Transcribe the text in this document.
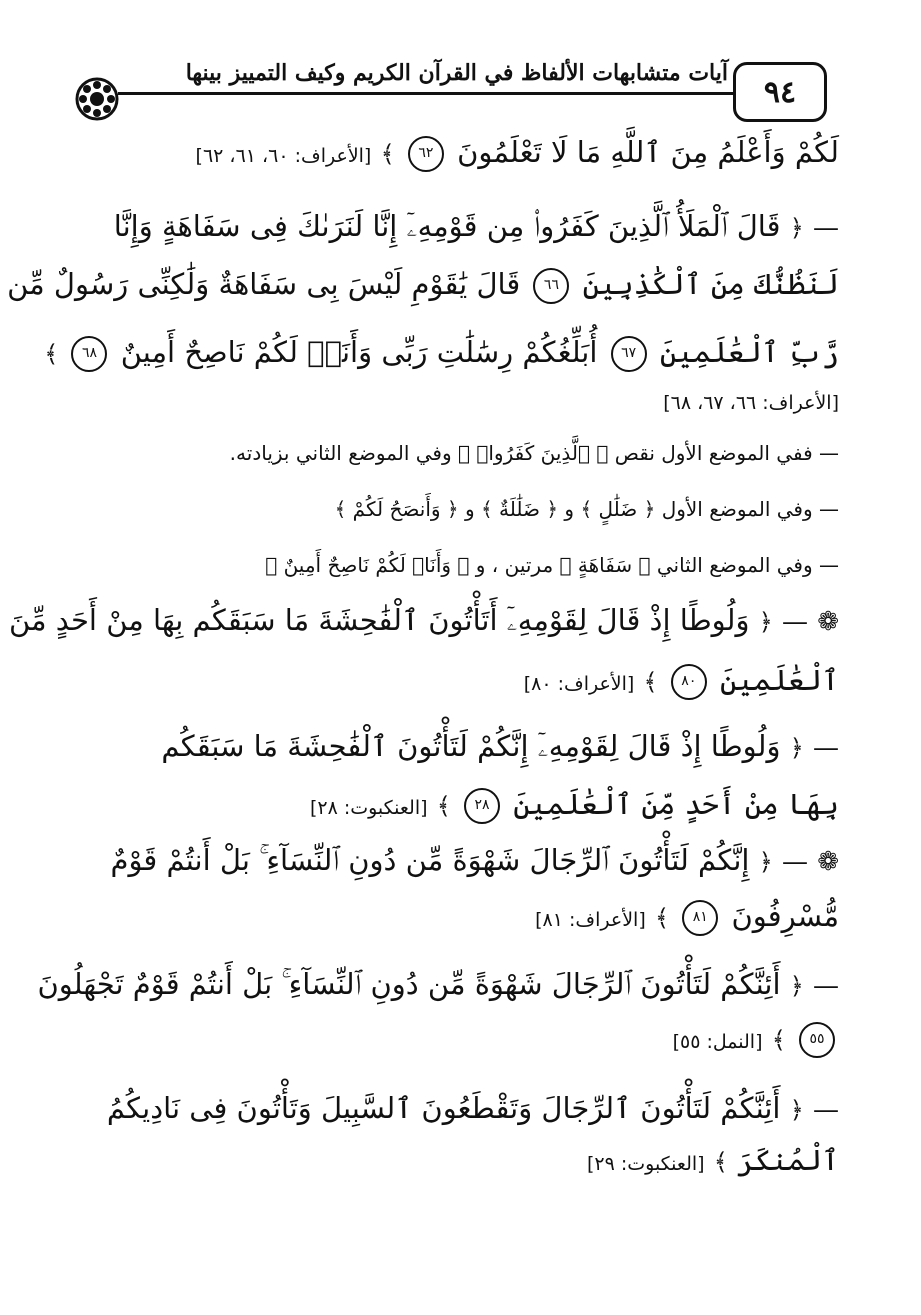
٩٤
آيات متشابهات الألفاظ في القرآن الكريم وكيف التمييز بينها
لَكُمْ وَأَعْلَمُ مِنَ ٱللَّهِ مَا لَا تَعْلَمُونَ ٦٢ ﴾ [الأعراف: ٦٠، ٦١، ٦٢]
— ﴿ قَالَ ٱلْمَلَأُ ٱلَّذِينَ كَفَرُوا۟ مِن قَوْمِهِۦٓ إِنَّا لَنَرَىٰكَ فِى سَفَاهَةٍ وَإِنَّا
لَنَظُنُّكَ مِنَ ٱلْكَٰذِبِينَ ٦٦ قَالَ يَٰقَوْمِ لَيْسَ بِى سَفَاهَةٌ وَلَٰكِنِّى رَسُولٌ مِّن
رَّبِّ ٱلْعَٰلَمِينَ ٦٧ أُبَلِّغُكُمْ رِسَٰلَٰتِ رَبِّى وَأَنَا۠ لَكُمْ نَاصِحٌ أَمِينٌ ٦٨ ﴾
[الأعراف: ٦٦، ٦٧، ٦٨]
— ففي الموضع الأول نقص ﴿ ٱلَّذِينَ كَفَرُوا۟ ﴾ وفي الموضع الثاني بزيادته.
— وفي الموضع الأول ﴿ ضَلَٰلٍ ﴾ و ﴿ ضَلَٰلَةٌ ﴾ و ﴿ وَأَنصَحُ لَكُمْ ﴾
— وفي الموضع الثاني ﴿ سَفَاهَةٍ ﴾ مرتين ، و ﴿ وَأَنَا۠ لَكُمْ نَاصِحٌ أَمِينٌ ﴾
❁ — ﴿ وَلُوطًا إِذْ قَالَ لِقَوْمِهِۦٓ أَتَأْتُونَ ٱلْفَٰحِشَةَ مَا سَبَقَكُم بِهَا مِنْ أَحَدٍ مِّنَ
ٱلْعَٰلَمِينَ ٨٠ ﴾ [الأعراف: ٨٠]
— ﴿ وَلُوطًا إِذْ قَالَ لِقَوْمِهِۦٓ إِنَّكُمْ لَتَأْتُونَ ٱلْفَٰحِشَةَ مَا سَبَقَكُم
بِهَا مِنْ أَحَدٍ مِّنَ ٱلْعَٰلَمِينَ ٢٨ ﴾ [العنكبوت: ٢٨]
❁ — ﴿ إِنَّكُمْ لَتَأْتُونَ ٱلرِّجَالَ شَهْوَةً مِّن دُونِ ٱلنِّسَآءِ ۚ بَلْ أَنتُمْ قَوْمٌ
مُّسْرِفُونَ ٨١ ﴾ [الأعراف: ٨١]
— ﴿ أَئِنَّكُمْ لَتَأْتُونَ ٱلرِّجَالَ شَهْوَةً مِّن دُونِ ٱلنِّسَآءِ ۚ بَلْ أَنتُمْ قَوْمٌ تَجْهَلُونَ
٥٥ ﴾ [النمل: ٥٥]
— ﴿ أَئِنَّكُمْ لَتَأْتُونَ ٱلرِّجَالَ وَتَقْطَعُونَ ٱلسَّبِيلَ وَتَأْتُونَ فِى نَادِيكُمُ
ٱلْمُنكَرَ ﴾ [العنكبوت: ٢٩]
